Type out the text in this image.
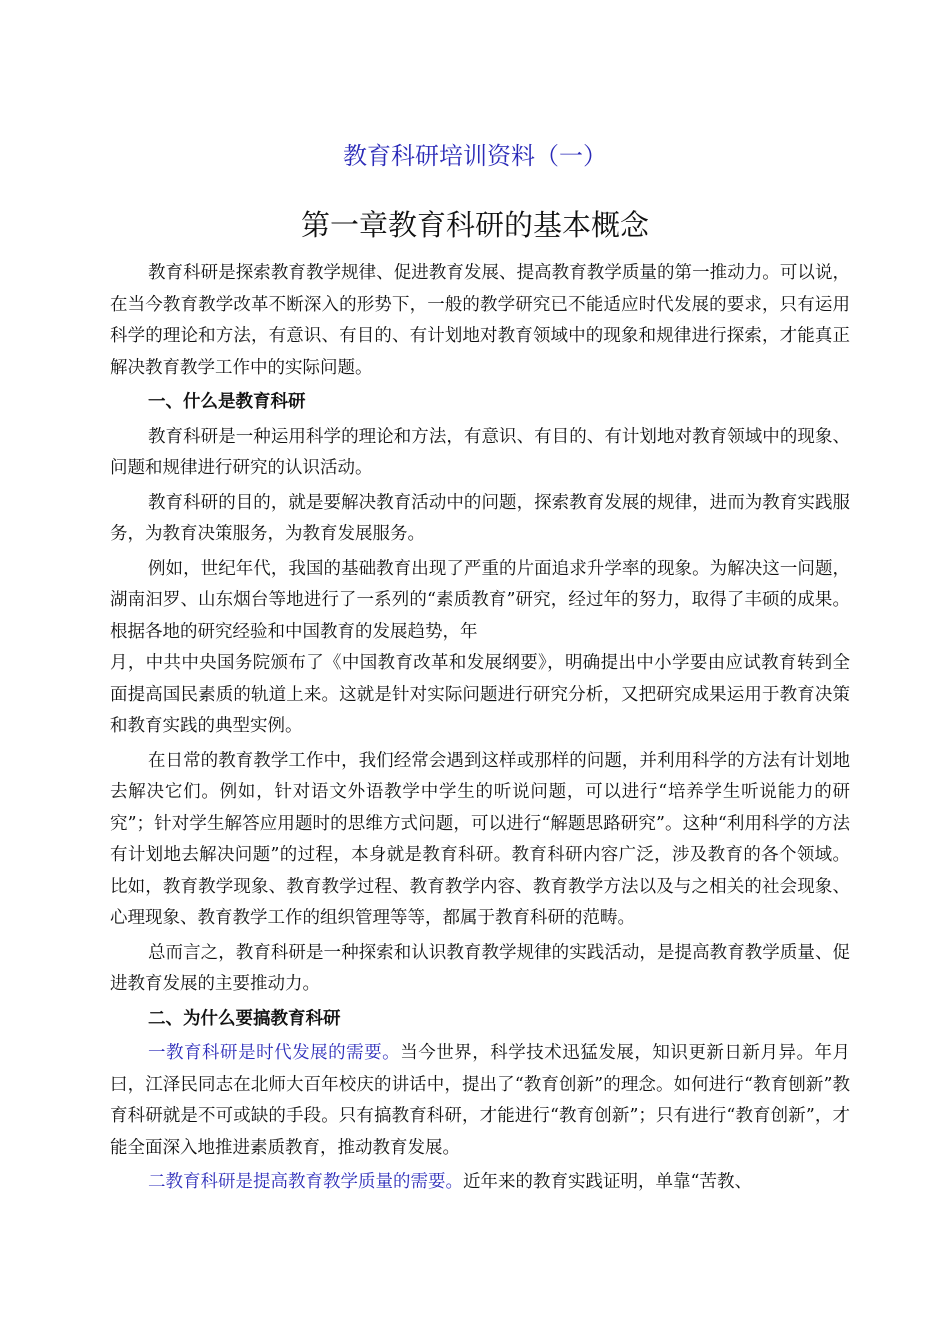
教育科研培训资料（一）
第一章教育科研的基本概念

教育科研是探索教育教学规律、促进教育发展、提高教育教学质量的第一推动力。可以说，在当今教育教学改革不断深入的形势下，一般的教学研究已不能适应时代发展的要求，只有运用科学的理论和方法，有意识、有目的、有计划地对教育领域中的现象和规律进行探索，才能真正解决教育教学工作中的实际问题。

一、什么是教育科研

教育科研是一种运用科学的理论和方法，有意识、有目的、有计划地对教育领域中的现象、问题和规律进行研究的认识活动。

教育科研的目的，就是要解决教育活动中的问题，探索教育发展的规律，进而为教育实践服务，为教育决策服务，为教育发展服务。

例如，世纪年代，我国的基础教育出现了严重的片面追求升学率的现象。为解决这一问题，湖南汩罗、山东烟台等地进行了一系列的“素质教育”研究，经过年的努力，取得了丰硕的成果。根据各地的研究经验和中国教育的发展趋势，年

月，中共中央国务院颁布了《中国教育改革和发展纲要》，明确提出中小学要由应试教育转到全面提高国民素质的轨道上来。这就是针对实际问题进行研究分析，又把研究成果运用于教育决策和教育实践的典型实例。

在日常的教育教学工作中，我们经常会遇到这样或那样的问题，并利用科学的方法有计划地去解决它们。例如，针对语文外语教学中学生的听说问题，可以进行“培养学生听说能力的研究”；针对学生解答应用题时的思维方式问题，可以进行“解题思路研究”。这种“利用科学的方法有计划地去解决问题”的过程，本身就是教育科研。教育科研内容广泛，涉及教育的各个领域。比如，教育教学现象、教育教学过程、教育教学内容、教育教学方法以及与之相关的社会现象、心理现象、教育教学工作的组织管理等等，都属于教育科研的范畴。

总而言之，教育科研是一种探索和认识教育教学规律的实践活动，是提高教育教学质量、促进教育发展的主要推动力。

二、为什么要搞教育科研

一教育科研是时代发展的需要。当今世界，科学技术迅猛发展，知识更新日新月异。年月曰，江泽民同志在北师大百年校庆的讲话中，提出了“教育创新”的理念。如何进行“教育刨新”教育科研就是不可或缺的手段。只有搞教育科研，才能进行“教育创新”；只有进行“教育创新”，才能全面深入地推进素质教育，推动教育发展。

二教育科研是提高教育教学质量的需要。近年来的教育实践证明，单靠“苦教、
